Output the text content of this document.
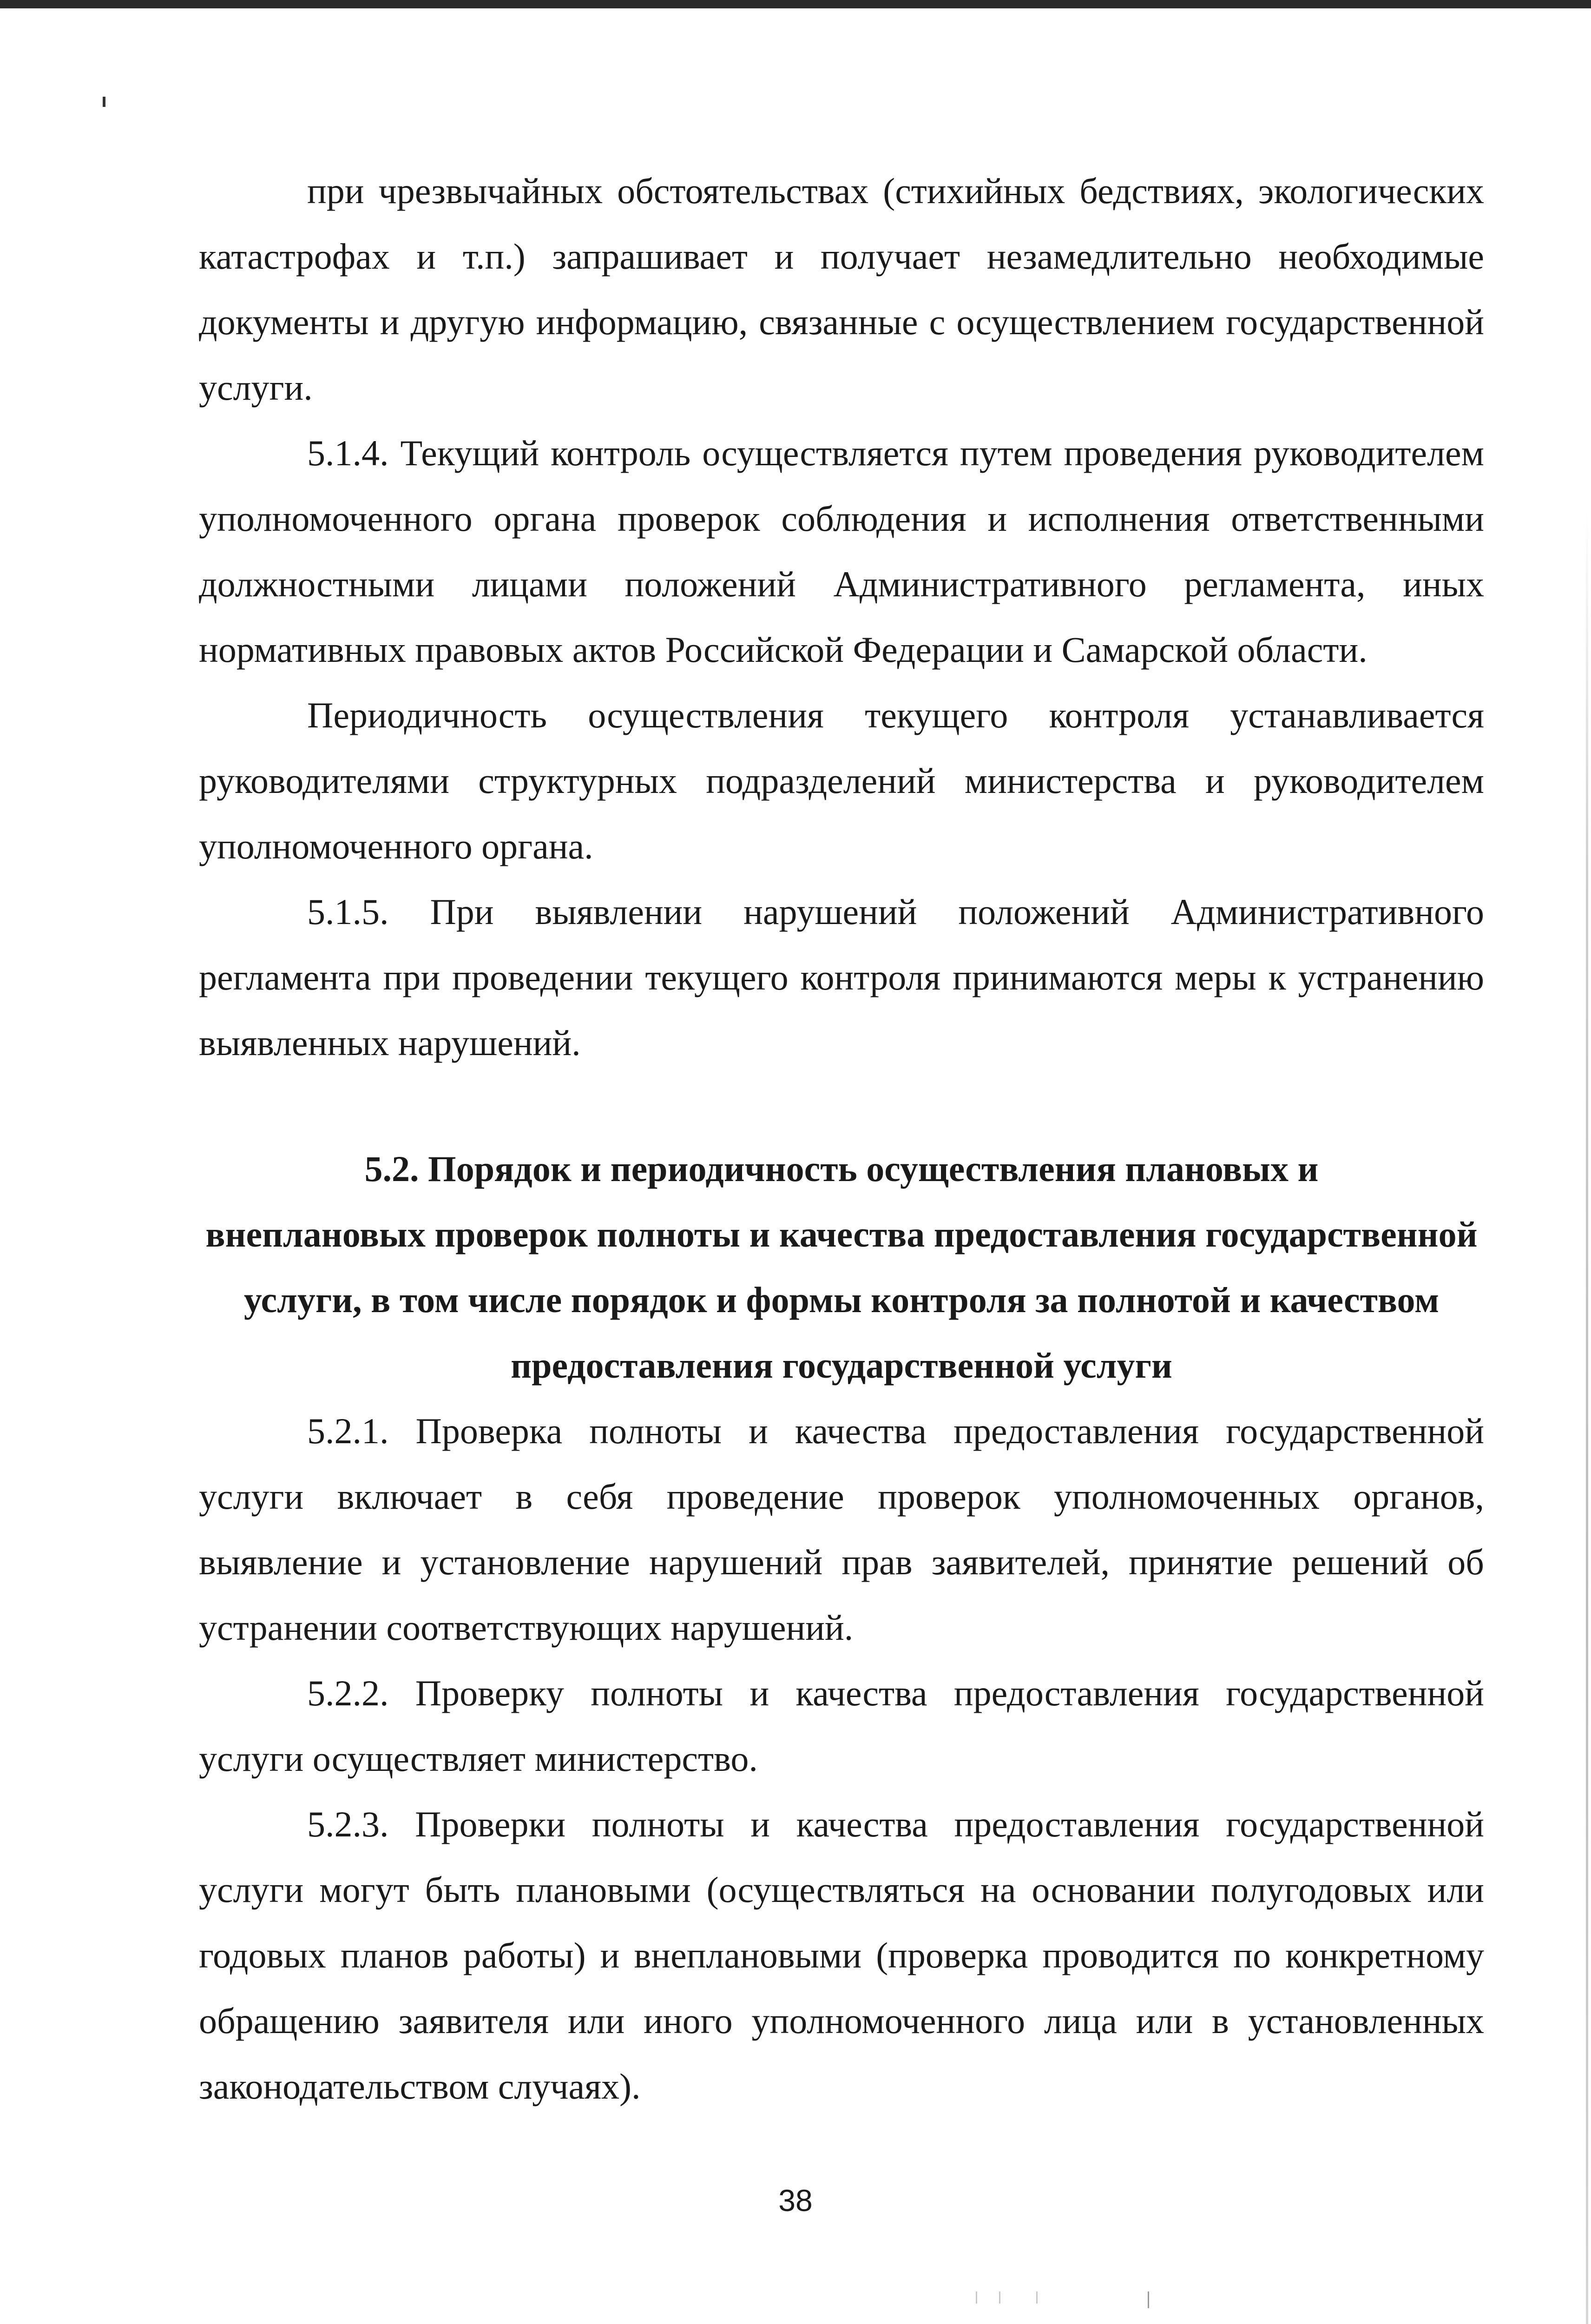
при чрезвычайных обстоятельствах (стихийных бедствиях, экологических катастрофах и т.п.) запрашивает и получает незамедлительно необходимые документы и другую информацию, связанные с осуществлением государственной услуги.

5.1.4. Текущий контроль осуществляется путем проведения руководителем уполномоченного органа проверок соблюдения и исполнения ответственными должностными лицами положений Административного регламента, иных нормативных правовых актов Российской Федерации и Самарской области.

Периодичность осуществления текущего контроля устанавливается руководителями структурных подразделений министерства и руководителем уполномоченного органа.

5.1.5. При выявлении нарушений положений Административного регламента при проведении текущего контроля принимаются меры к устранению выявленных нарушений.

5.2. Порядок и периодичность осуществления плановых и
внеплановых проверок полноты и качества предоставления государственной
услуги, в том числе порядок и формы контроля за полнотой и качеством
предоставления государственной услуги

5.2.1. Проверка полноты и качества предоставления государственной услуги включает в себя проведение проверок уполномоченных органов, выявление и установление нарушений прав заявителей, принятие решений об устранении соответствующих нарушений.

5.2.2. Проверку полноты и качества предоставления государственной услуги осуществляет министерство.

5.2.3. Проверки полноты и качества предоставления государственной услуги могут быть плановыми (осуществляться на основании полугодовых или годовых планов работы) и внеплановыми (проверка проводится по конкретному обращению заявителя или иного уполномоченного лица или в установленных законодательством случаях).

38
